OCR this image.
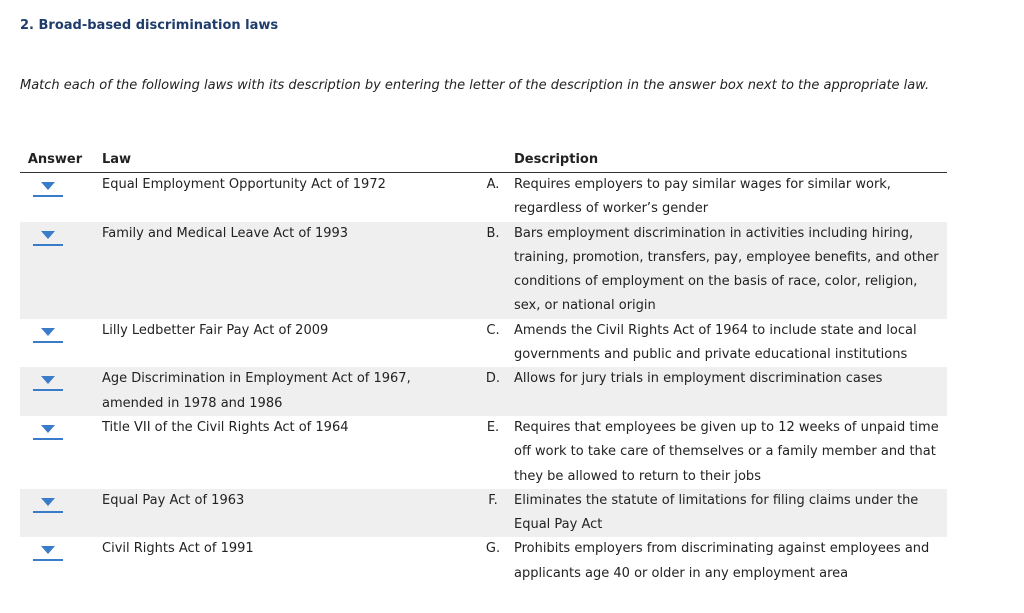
2. Broad-based discrimination laws
Match each of the following laws with its description by entering the letter of the description in the answer box next to the appropriate law.
Answer		Law		Description

		Equal Employment Opportunity Act of 1972	A.	Requires employers to pay similar wages for similar work, regardless of worker’s gender

		Family and Medical Leave Act of 1993	B.	Bars employment discrimination in activities including hiring, training, promotion, transfers, pay, employee benefits, and other conditions of employment on the basis of race, color, religion, sex, or national origin

		Lilly Ledbetter Fair Pay Act of 2009	C.	Amends the Civil Rights Act of 1964 to include state and local governments and public and private educational institutions

		Age Discrimination in Employment Act of 1967, amended in 1978 and 1986	D.	Allows for jury trials in employment discrimination cases

		Title VII of the Civil Rights Act of 1964	E.	Requires that employees be given up to 12 weeks of unpaid time off work to take care of themselves or a family member and that they be allowed to return to their jobs

		Equal Pay Act of 1963	F.	Eliminates the statute of limitations for filing claims under the Equal Pay Act

		Civil Rights Act of 1991	G.	Prohibits employers from discriminating against employees and applicants age 40 or older in any employment area
